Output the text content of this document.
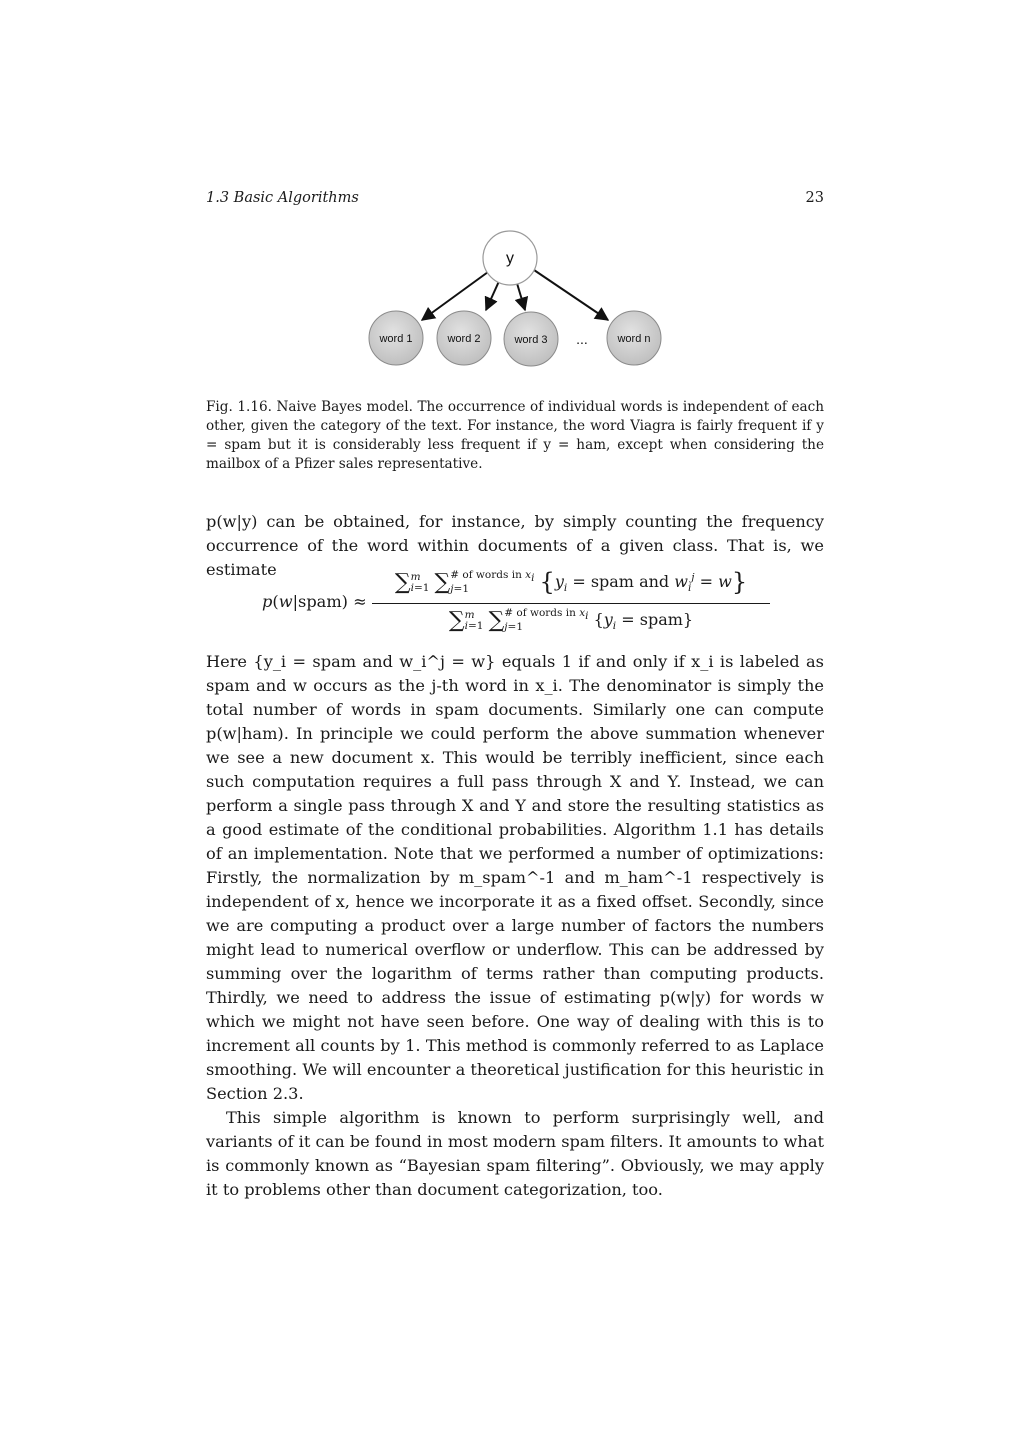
1.3 Basic Algorithms	23
y
word 1	word 2	word 3 ...	word n
Fig. 1.16. Naive Bayes model. The occurrence of individual words is independent of each other, given the category of the text. For instance, the word Viagra is fairly frequent if y = spam but it is considerably less frequent if y = ham, except when considering the mailbox of a Pfizer sales representative.
p(w|y) can be obtained, for instance, by simply counting the frequency occurrence of the word within documents of a given class. That is, we estimate
p(w|spam) ≈
∑m
i=1 ∑# of words in $x_i$
j=1	{$y_i$ = spam and $w_i^j = w$}
∑m
i=1 ∑# of words in $x_i$
j=1	{$y_i$ = spam}

Here {y_i = spam and w_i^j = w} equals 1 if and only if x_i is labeled as spam and w occurs as the j-th word in x_i. The denominator is simply the total number of words in spam documents. Similarly one can compute p(w|ham). In principle we could perform the above summation whenever we see a new document x. This would be terribly inefficient, since each such computation requires a full pass through X and Y. Instead, we can perform a single pass through X and Y and store the resulting statistics as a good estimate of the conditional probabilities. Algorithm 1.1 has details of an implementation. Note that we performed a number of optimizations: Firstly, the normalization by m_spam^-1 and m_ham^-1 respectively is independent of x, hence we incorporate it as a fixed offset. Secondly, since we are computing a product over a large number of factors the numbers might lead to numerical overflow or underflow. This can be addressed by summing over the logarithm of terms rather than computing products. Thirdly, we need to address the issue of estimating p(w|y) for words w which we might not have seen before. One way of dealing with this is to increment all counts by 1. This method is commonly referred to as Laplace smoothing. We will encounter a theoretical justification for this heuristic in Section 2.3.

This simple algorithm is known to perform surprisingly well, and variants of it can be found in most modern spam filters. It amounts to what is commonly known as “Bayesian spam filtering”. Obviously, we may apply it to problems other than document categorization, too.
